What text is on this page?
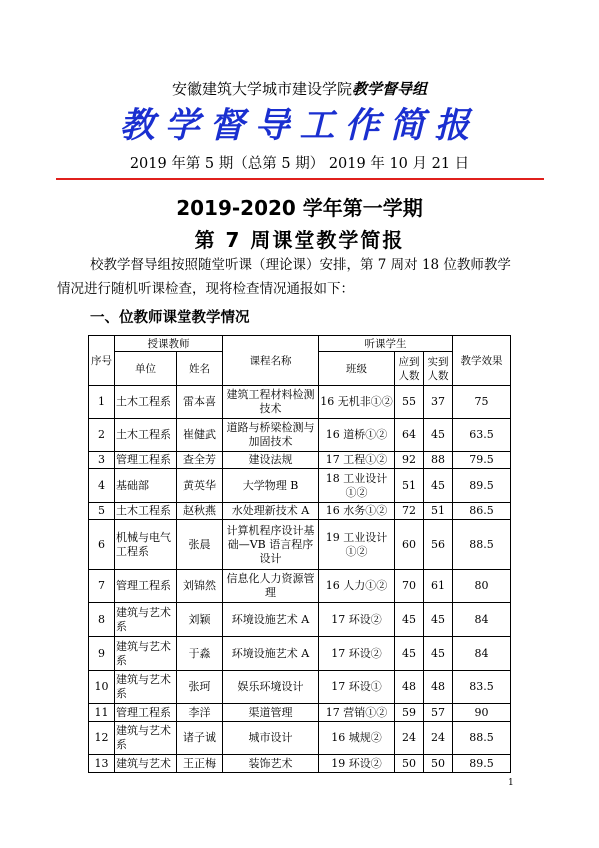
安徽建筑大学城市建设学院教学督导组
教学督导工作简报
2019 年第 5 期（总第 5 期） 2019 年 10 月 21 日
2019-2020 学年第一学期
第 7 周课堂教学简报
校教学督导组按照随堂听课（理论课）安排，第 7 周对 18 位教师教学情况进行随机听课检查，现将检查情况通报如下：
一、位教师课堂教学情况
序号	授课教师		课程名称	听课学生			教学效果
	单位	姓名		班级	应到人数	实到人数	
1	土木工程系	雷本喜	建筑工程材料检测技术	16 无机非①②	55	37	75
2	土木工程系	崔健武	道路与桥梁检测与加固技术	16 道桥①②	64	45	63.5
3	管理工程系	查全芳	建设法规	17 工程①②	92	88	79.5
4	基础部	黄英华	大学物理 B	18 工业设计①②	51	45	89.5
5	土木工程系	赵秋燕	水处理新技术 A	16 水务①②	72	51	86.5
6	机械与电气工程系	张晨	计算机程序设计基础—VB 语言程序设计	19 工业设计①②	60	56	88.5
7	管理工程系	刘锦然	信息化人力资源管理	16 人力①②	70	61	80
8	建筑与艺术系	刘颖	环境设施艺术 A	17 环设②	45	45	84
9	建筑与艺术系	于淼	环境设施艺术 A	17 环设②	45	45	84
10	建筑与艺术系	张珂	娱乐环境设计	17 环设①	48	48	83.5
11	管理工程系	李洋	渠道管理	17 营销①②	59	57	90
12	建筑与艺术系	诸子诚	城市设计	16 城规②	24	24	88.5
13	建筑与艺术	王正梅	装饰艺术	19 环设②	50	50	89.5
1
